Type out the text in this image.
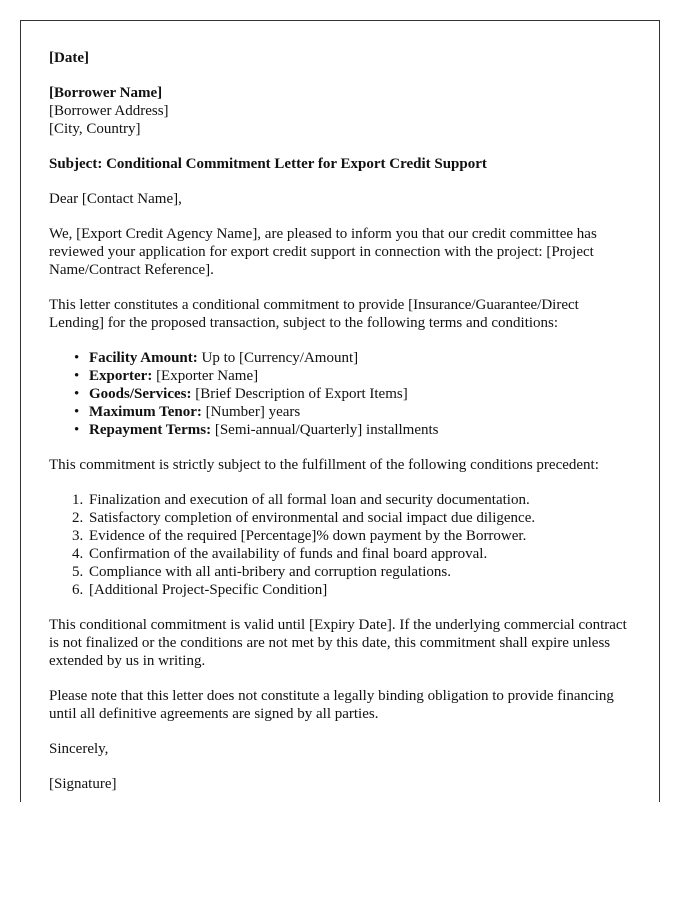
[Date]

[Borrower Name]
[Borrower Address]
[City, Country]

Subject: Conditional Commitment Letter for Export Credit Support

Dear [Contact Name],

We, [Export Credit Agency Name], are pleased to inform you that our credit committee has reviewed your application for export credit support in connection with the project: [Project Name/Contract Reference].

This letter constitutes a conditional commitment to provide [Insurance/Guarantee/Direct Lending] for the proposed transaction, subject to the following terms and conditions:

• Facility Amount: Up to [Currency/Amount]
• Exporter: [Exporter Name]
• Goods/Services: [Brief Description of Export Items]
• Maximum Tenor: [Number] years
• Repayment Terms: [Semi-annual/Quarterly] installments

This commitment is strictly subject to the fulfillment of the following conditions precedent:

1. Finalization and execution of all formal loan and security documentation.
2. Satisfactory completion of environmental and social impact due diligence.
3. Evidence of the required [Percentage]% down payment by the Borrower.
4. Confirmation of the availability of funds and final board approval.
5. Compliance with all anti-bribery and corruption regulations.
6. [Additional Project-Specific Condition]

This conditional commitment is valid until [Expiry Date]. If the underlying commercial contract is not finalized or the conditions are not met by this date, this commitment shall expire unless extended by us in writing.

Please note that this letter does not constitute a legally binding obligation to provide financing until all definitive agreements are signed by all parties.

Sincerely,

[Signature]
